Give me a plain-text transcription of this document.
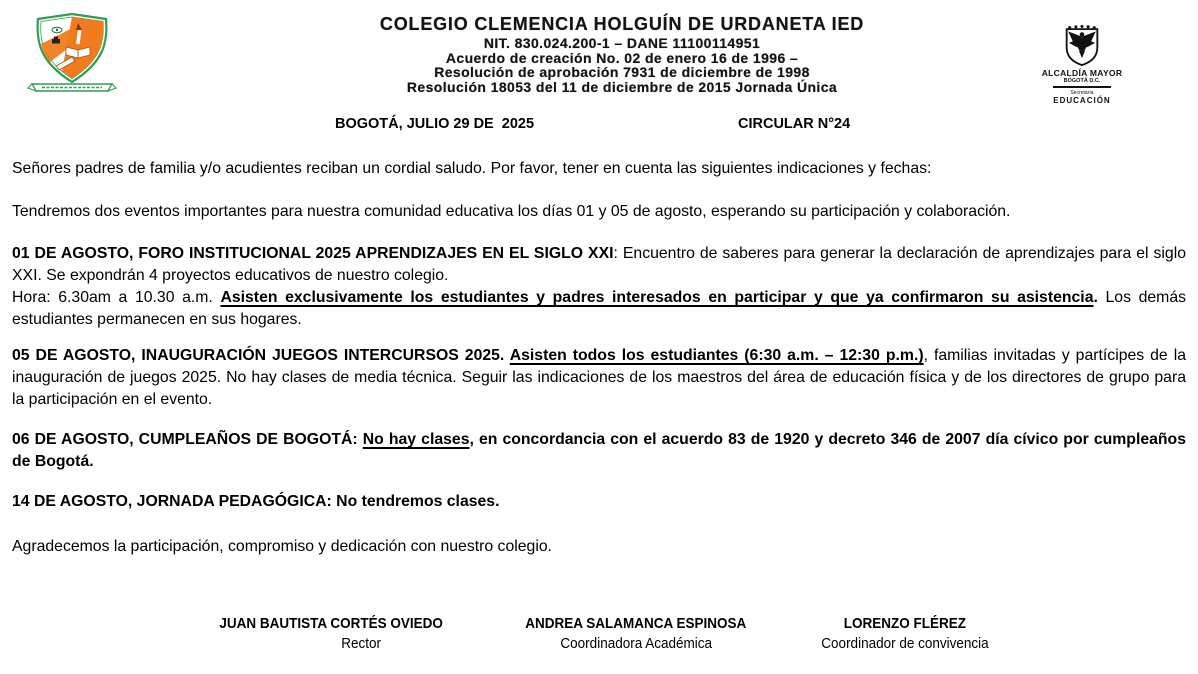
ALCALDÍA MAYOR
BOGOTÁ D.C.
Secretaría
EDUCACIÓN
COLEGIO CLEMENCIA HOLGUÍN DE URDANETA IED
NIT. 830.024.200-1 – DANE 11100114951
Acuerdo de creación No. 02 de enero 16 de 1996 –
Resolución de aprobación 7931 de diciembre de 1998
Resolución 18053 del 11 de diciembre de 2015 Jornada Única
BOGOTÁ, JULIO 29 DE  2025	CIRCULAR N°24

Señores padres de familia y/o acudientes reciban un cordial saludo. Por favor, tener en cuenta las siguientes indicaciones y fechas:

Tendremos dos eventos importantes para nuestra comunidad educativa los días 01 y 05 de agosto, esperando su participación y colaboración.

01 DE AGOSTO, FORO INSTITUCIONAL 2025 APRENDIZAJES EN EL SIGLO XXI: Encuentro de saberes para generar la declaración de aprendizajes para el siglo XXI. Se expondrán 4 proyectos educativos de nuestro colegio.

Hora: 6.30am a 10.30 a.m. Asisten exclusivamente los estudiantes y padres interesados en participar y que ya confirmaron su asistencia. Los demás estudiantes permanecen en sus hogares.

05 DE AGOSTO, INAUGURACIÓN JUEGOS INTERCURSOS 2025. Asisten todos los estudiantes (6:30 a.m. – 12:30 p.m.), familias invitadas y partícipes de la inauguración de juegos 2025. No hay clases de media técnica. Seguir las indicaciones de los maestros del área de educación física y de los directores de grupo para la participación en el evento.

06 DE AGOSTO, CUMPLEAÑOS DE BOGOTÁ: No hay clases, en concordancia con el acuerdo 83 de 1920 y decreto 346 de 2007 día cívico por cumpleaños de Bogotá.

14 DE AGOSTO, JORNADA PEDAGÓGICA: No tendremos clases.

Agradecemos la participación, compromiso y dedicación con nuestro colegio.

JUAN BAUTISTA CORTÉS OVIEDO
Rector
ANDREA SALAMANCA ESPINOSA
Coordinadora Académica
LORENZO FLÉREZ
Coordinador de convivencia
